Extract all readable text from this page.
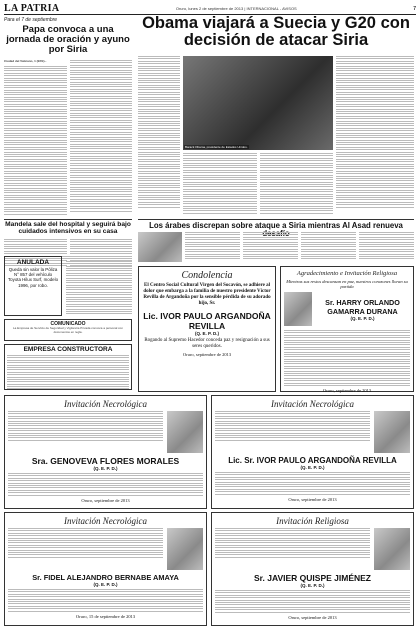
LA PATRIA	Oruro, lunes 2 de septiembre de 2013 | INTERNACIONAL - AVISOS	7
Para el 7 de septiembre
Papa convoca a una jornada de oración y ayuno por Siria
Ciudad del Vaticano, 1 (EFE).-
Obama viajará a Suecia y G20 con decisión de atacar Siria
Barack Obama, presidente de Estados Unidos.
Mandela sale del hospital y seguirá bajo cuidados intensivos en su casa
ANULADA
Queda sin valor la Póliza N° 857 del vehículo Toyota Hilux Surf, modelo 1996, por robo.
COMUNICADO
La Empresa de Servicio de Seguridad y Vigilancia Privada convoca a personal con documentos en regla.
EMPRESA CONSTRUCTORA
Los árabes discrepan sobre ataque a Siria mientras Al Asad renueva
Condolencia
El Centro Social Cultural Virgen del Socavón, se adhiere al dolor que embarga a la familia de nuestro presidente Víctor Revilla de Argandoña por la sensible pérdida de su adorado hijo, Sr.
Lic. IVOR PAULO ARGANDOÑA REVILLA
(Q. E. P. D.)
Rogando al Supremo Hacedor conceda paz y resignación a sus seres queridos.
Oruro, septiembre de 2013
Agradecimiento e Invitación Religiosa
Mientras sus restos descansan en paz, nuestros corazones lloran su partida
Sr. HARRY ORLANDO GAMARRA DURANA
(Q. E. P. D.)
Oruro, septiembre de 2013
Invitación Necrológica
Sra. GENOVEVA FLORES MORALES
(Q. E. P. D.)
Oruro, septiembre de 2013
Invitación Necrológica
Lic. Sr. IVOR PAULO ARGANDOÑA REVILLA
(Q. E. P. D.)
Oruro, septiembre de 2013
Invitación Necrológica
Sr. FIDEL ALEJANDRO BERNABE AMAYA
(Q. E. P. D.)
Oruro, 15 de septiembre de 2013
Invitación Religiosa
Sr. JAVIER QUISPE JIMÉNEZ
(Q. E. P. D.)
Oruro, septiembre de 2013
